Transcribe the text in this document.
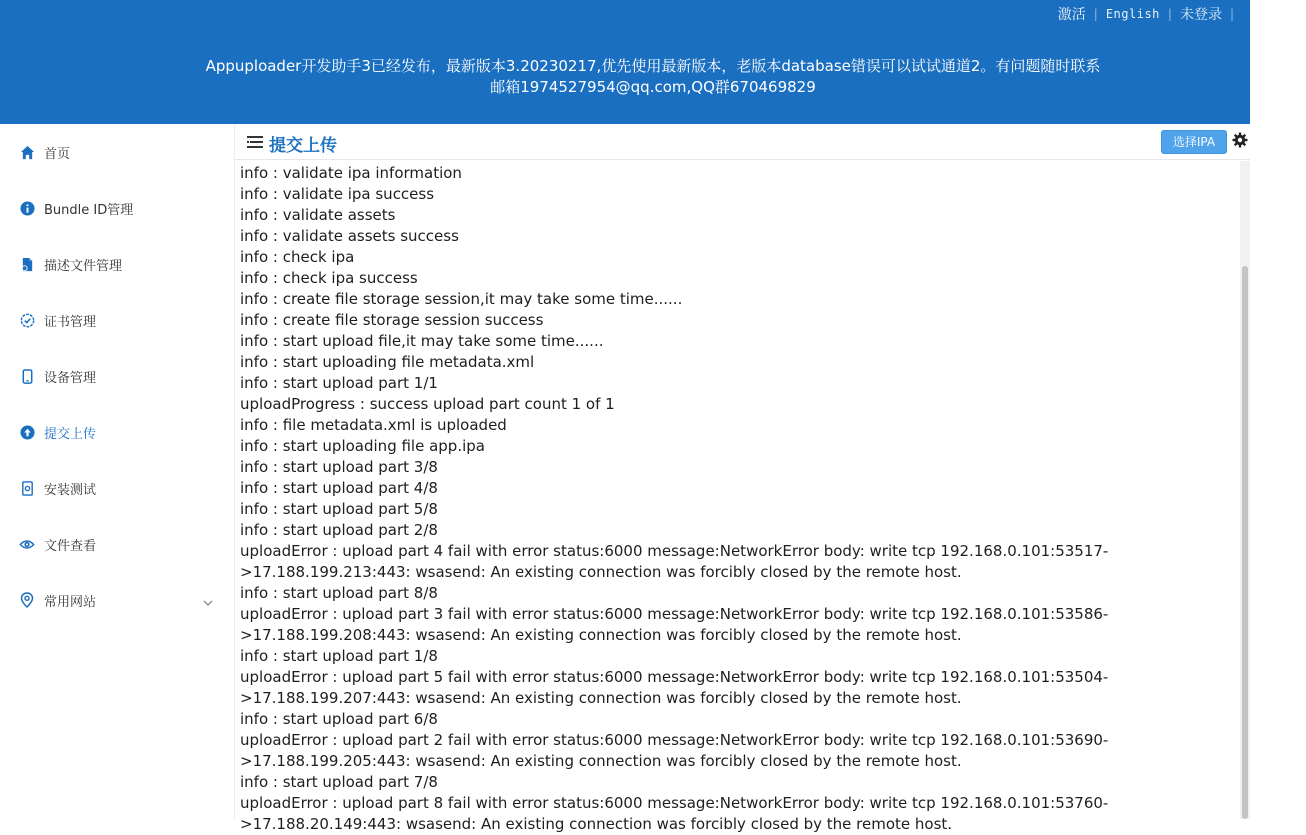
激活 | English | 未登录 |
Appuploader开发助手3已经发布，最新版本3.20230217,优先使用最新版本，老版本database错误可以试试通道2。有问题随时联系
邮箱1974527954@qq.com,QQ群670469829
首页
Bundle ID管理
描述文件管理
证书管理
设备管理
提交上传
安装测试
文件查看
常用网站
提交上传	选择IPA
info : validate ipa information
info : validate ipa success
info : validate assets
info : validate assets success
info : check ipa
info : check ipa success
info : create file storage session,it may take some time......
info : create file storage session success
info : start upload file,it may take some time......
info : start uploading file metadata.xml
info : start upload part 1/1
uploadProgress : success upload part count 1 of 1
info : file metadata.xml is uploaded
info : start uploading file app.ipa
info : start upload part 3/8
info : start upload part 4/8
info : start upload part 5/8
info : start upload part 2/8
uploadError : upload part 4 fail with error status:6000 message:NetworkError body: write tcp 192.168.0.101:53517->17.188.199.213:443: wsasend: An existing connection was forcibly closed by the remote host.
info : start upload part 8/8
uploadError : upload part 3 fail with error status:6000 message:NetworkError body: write tcp 192.168.0.101:53586->17.188.199.208:443: wsasend: An existing connection was forcibly closed by the remote host.
info : start upload part 1/8
uploadError : upload part 5 fail with error status:6000 message:NetworkError body: write tcp 192.168.0.101:53504->17.188.199.207:443: wsasend: An existing connection was forcibly closed by the remote host.
info : start upload part 6/8
uploadError : upload part 2 fail with error status:6000 message:NetworkError body: write tcp 192.168.0.101:53690->17.188.199.205:443: wsasend: An existing connection was forcibly closed by the remote host.
info : start upload part 7/8
uploadError : upload part 8 fail with error status:6000 message:NetworkError body: write tcp 192.168.0.101:53760->17.188.20.149:443: wsasend: An existing connection was forcibly closed by the remote host.
